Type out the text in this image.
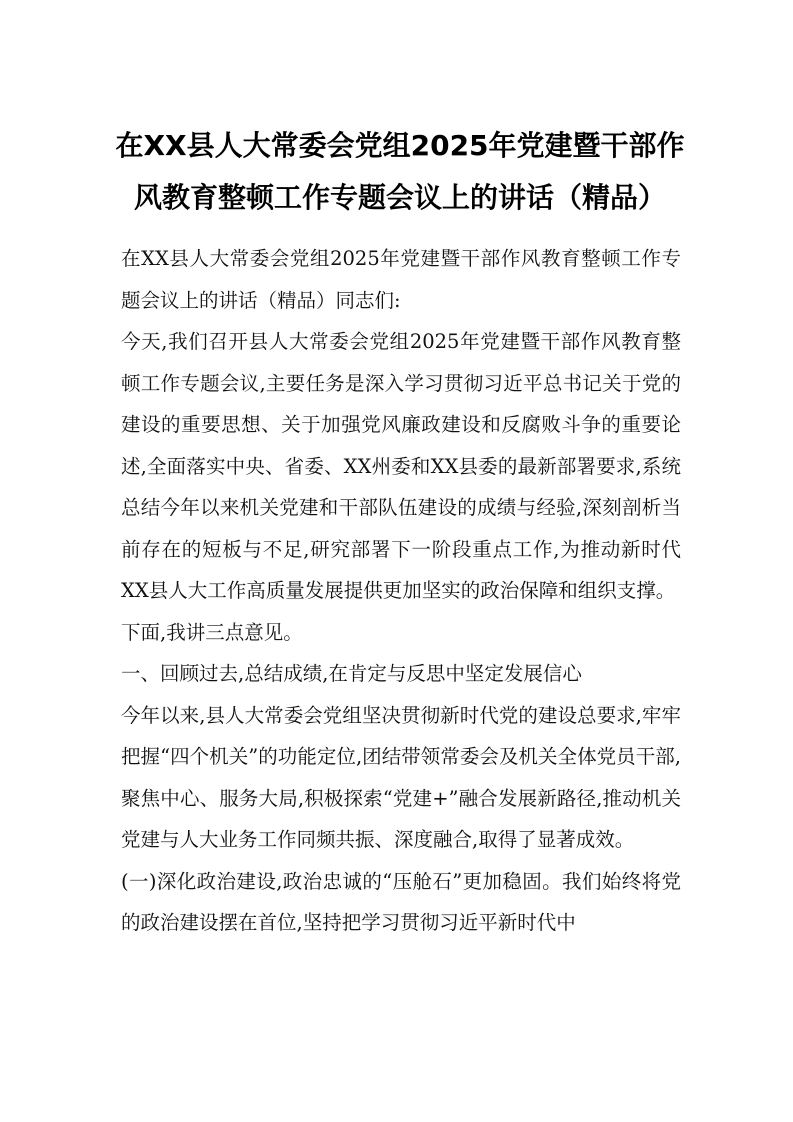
在XX县人大常委会党组2025年党建暨干部作风教育整顿工作专题会议上的讲话（精品）

在XX县人大常委会党组2025年党建暨干部作风教育整顿工作专题会议上的讲话（精品）同志们:

今天,我们召开县人大常委会党组2025年党建暨干部作风教育整顿工作专题会议,主要任务是深入学习贯彻习近平总书记关于党的建设的重要思想、关于加强党风廉政建设和反腐败斗争的重要论述,全面落实中央、省委、XX州委和XX县委的最新部署要求,系统总结今年以来机关党建和干部队伍建设的成绩与经验,深刻剖析当前存在的短板与不足,研究部署下一阶段重点工作,为推动新时代XX县人大工作高质量发展提供更加坚实的政治保障和组织支撑。

下面,我讲三点意见。

一、回顾过去,总结成绩,在肯定与反思中坚定发展信心

今年以来,县人大常委会党组坚决贯彻新时代党的建设总要求,牢牢把握“四个机关”的功能定位,团结带领常委会及机关全体党员干部,聚焦中心、服务大局,积极探索“党建+”融合发展新路径,推动机关党建与人大业务工作同频共振、深度融合,取得了显著成效。

(一)深化政治建设,政治忠诚的“压舱石”更加稳固。我们始终将党的政治建设摆在首位,坚持把学习贯彻习近平新时代中
